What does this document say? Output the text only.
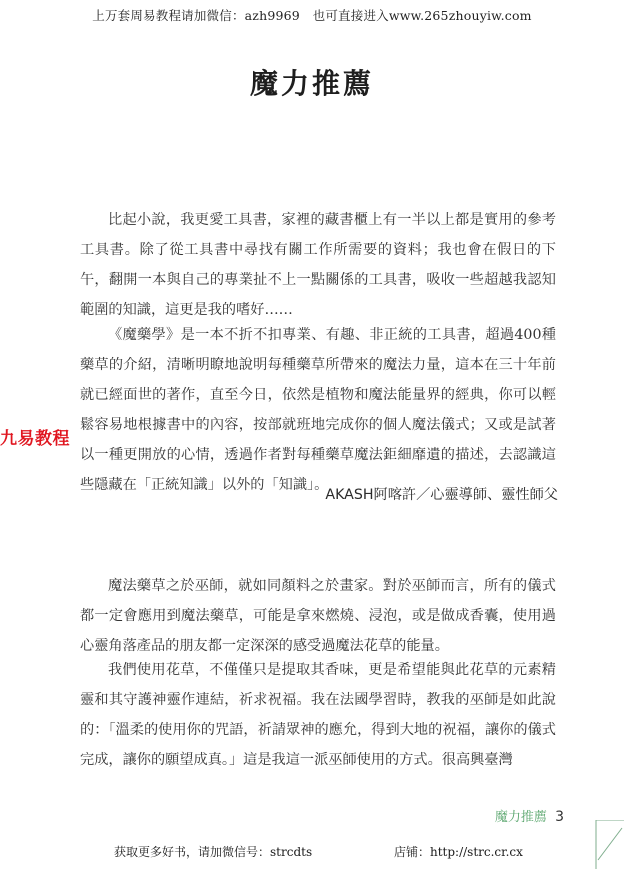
上万套周易教程请加微信：azh9969　也可直接进入www.265zhouyiw.com
魔力推薦

比起小說，我更愛工具書，家裡的藏書櫃上有一半以上都是實用的參考工具書。除了從工具書中尋找有關工作所需要的資料；我也會在假日的下午，翻開一本與自己的專業扯不上一點關係的工具書，吸收一些超越我認知範圍的知識，這更是我的嗜好……

《魔藥學》是一本不折不扣專業、有趣、非正統的工具書，超過400種藥草的介紹，清晰明瞭地說明每種藥草所帶來的魔法力量，這本在三十年前就已經面世的著作，直至今日，依然是植物和魔法能量界的經典，你可以輕鬆容易地根據書中的內容，按部就班地完成你的個人魔法儀式；又或是試著以一種更開放的心情，透過作者對每種藥草魔法鉅細靡遺的描述，去認識這些隱藏在「正統知識」以外的「知識」。

AKASH阿喀許／心靈導師、靈性師父

魔法藥草之於巫師，就如同顏料之於畫家。對於巫師而言，所有的儀式都一定會應用到魔法藥草，可能是拿來燃燒、浸泡，或是做成香囊，使用過心靈角落產品的朋友都一定深深的感受過魔法花草的能量。

我們使用花草，不僅僅只是提取其香味，更是希望能與此花草的元素精靈和其守護神靈作連結，祈求祝福。我在法國學習時，教我的巫師是如此說的：「溫柔的使用你的咒語，祈請眾神的應允，得到大地的祝福，讓你的儀式完成，讓你的願望成真。」這是我這一派巫師使用的方式。很高興臺灣

九易教程
魔力推薦 3
获取更多好书，请加微信号：strcdts	店铺：http://strc.cr.cx
